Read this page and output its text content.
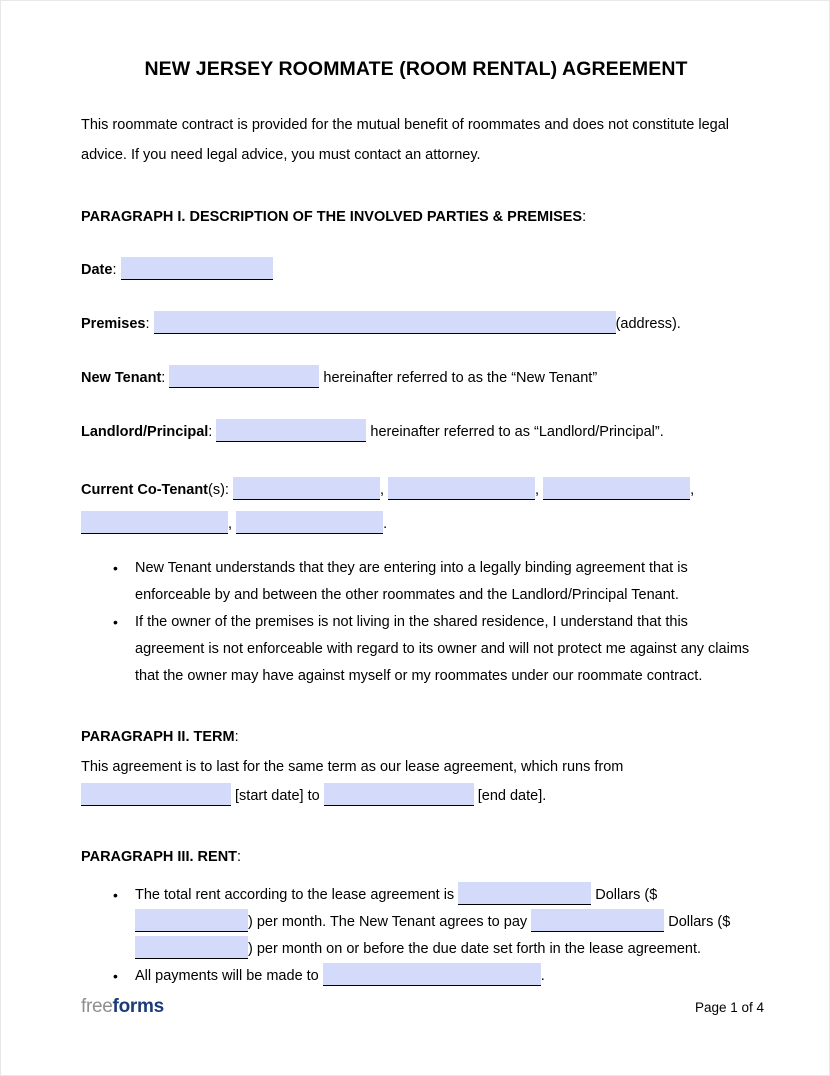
NEW JERSEY ROOMMATE (ROOM RENTAL) AGREEMENT
This roommate contract is provided for the mutual benefit of roommates and does not constitute legal advice. If you need legal advice, you must contact an attorney.
PARAGRAPH I. DESCRIPTION OF THE INVOLVED PARTIES & PREMISES:
Date:
Premises:	(address).
New Tenant:	hereinafter referred to as the “New Tenant”
Landlord/Principal:	hereinafter referred to as “Landlord/Principal”.
Current Co-Tenant(s):	,	,	, ,	.
• New Tenant understands that they are entering into a legally binding agreement that is enforceable by and between the other roommates and the Landlord/Principal Tenant.
• If the owner of the premises is not living in the shared residence, I understand that this agreement is not enforceable with regard to its owner and will not protect me against any claims that the owner may have against myself or my roommates under our roommate contract.
PARAGRAPH II. TERM:
This agreement is to last for the same term as our lease agreement, which runs from
[start date] to	[end date].
PARAGRAPH III. RENT:
• The total rent according to the lease agreement is	Dollars ($) per month. The New Tenant agrees to pay	Dollars ($) per month on or before the due date set forth in the lease agreement.
• All payments will be made to	.
freeforms	Page 1 of 4
